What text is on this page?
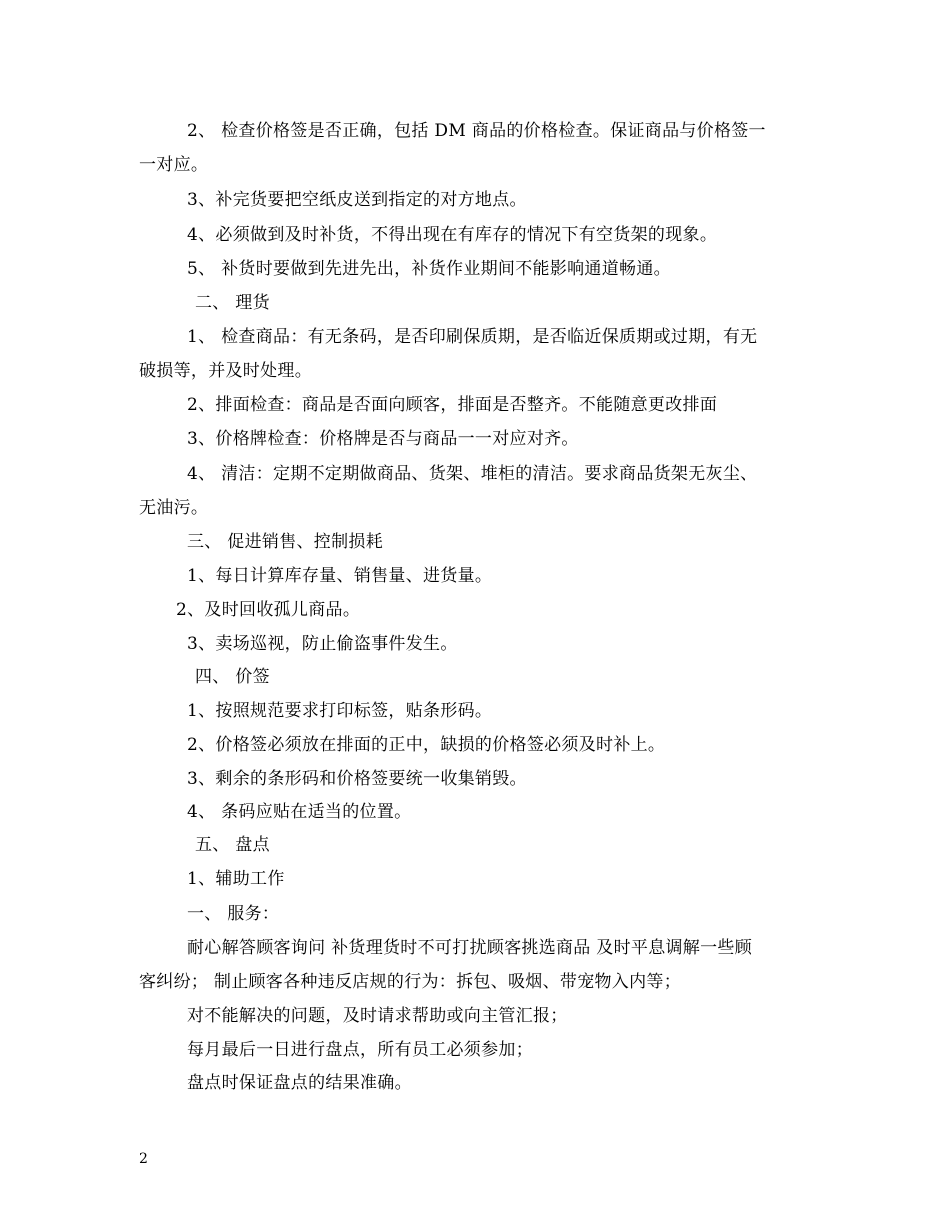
2、 检查价格签是否正确，包括 DM 商品的价格检查。保证商品与价格签一
一对应。
3、补完货要把空纸皮送到指定的对方地点。
4、必须做到及时补货，不得出现在有库存的情况下有空货架的现象。
5、 补货时要做到先进先出，补货作业期间不能影响通道畅通。
二、 理货
1、 检查商品：有无条码，是否印刷保质期，是否临近保质期或过期，有无
破损等，并及时处理。
2、排面检查：商品是否面向顾客，排面是否整齐。不能随意更改排面
3、价格牌检查：价格牌是否与商品一一对应对齐。
4、 清洁：定期不定期做商品、货架、堆柜的清洁。要求商品货架无灰尘、
无油污。
三、 促进销售、控制损耗
1、每日计算库存量、销售量、进货量。
2、及时回收孤儿商品。
3、卖场巡视，防止偷盗事件发生。
四、 价签
1、按照规范要求打印标签，贴条形码。
2、价格签必须放在排面的正中，缺损的价格签必须及时补上。
3、剩余的条形码和价格签要统一收集销毁。
4、 条码应贴在适当的位置。
五、 盘点
1、辅助工作
一、 服务：
耐心解答顾客询问 补货理货时不可打扰顾客挑选商品 及时平息调解一些顾
客纠纷； 制止顾客各种违反店规的行为：拆包、吸烟、带宠物入内等；
对不能解决的问题，及时请求帮助或向主管汇报；
每月最后一日进行盘点，所有员工必须参加；
盘点时保证盘点的结果准确。
2
